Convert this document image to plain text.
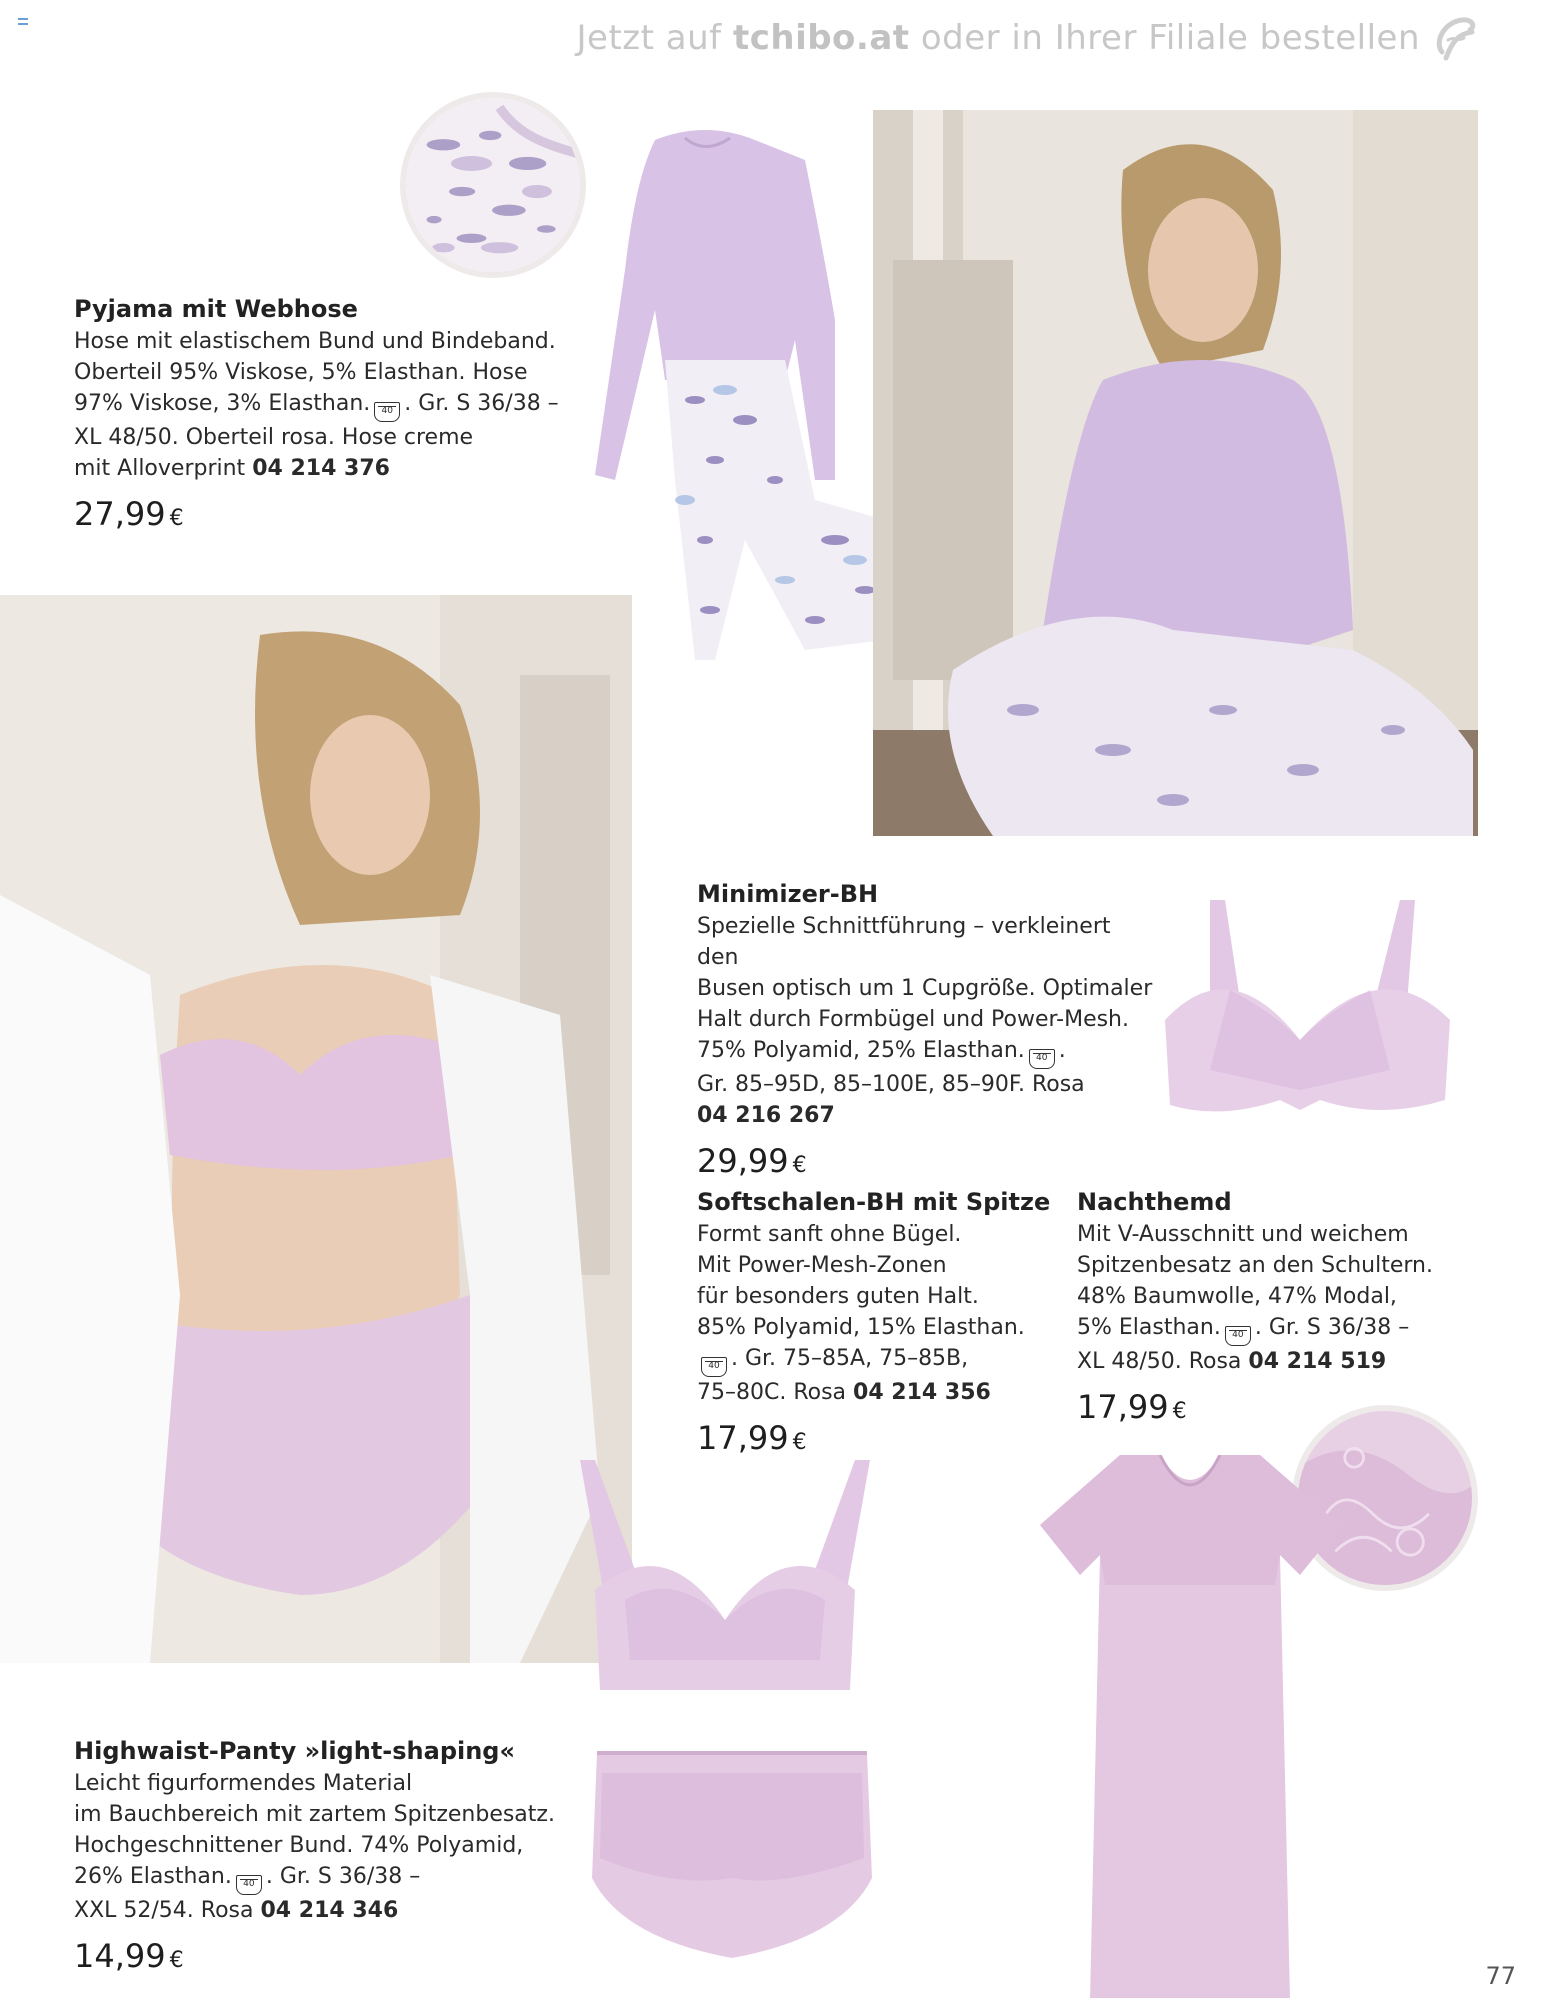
Jetzt auf tchibo.at oder in Ihrer Filiale bestellen
Pyjama mit Webhose

Hose mit elastischem Bund und Bindeband.
Oberteil 95% Viskose, 5% Elasthan. Hose
97% Viskose, 3% Elasthan. 40 . Gr. S 36/38 –
XL 48/50. Oberteil rosa. Hose creme
mit Alloverprint 04 214 376

27,99 €
Minimizer-BH

Spezielle Schnittführung – verkleinert den
Busen optisch um 1 Cupgröße. Optimaler
Halt durch Formbügel und Power-Mesh.
75% Polyamid, 25% Elasthan. 40 .
Gr. 85–95D, 85–100E, 85–90F. Rosa
04 216 267

29,99 €
Softschalen-BH mit Spitze

Formt sanft ohne Bügel.
Mit Power-Mesh-Zonen
für besonders guten Halt.
85% Polyamid, 15% Elasthan.
40 . Gr. 75–85A, 75–85B,
75–80C. Rosa 04 214 356

17,99 €
Nachthemd

Mit V-Ausschnitt und weichem
Spitzenbesatz an den Schultern.
48% Baumwolle, 47% Modal,
5% Elasthan. 40 . Gr. S 36/38 –
XL 48/50. Rosa 04 214 519

17,99 €
Highwaist-Panty »light-shaping«

Leicht figurformendes Material
im Bauchbereich mit zartem Spitzenbesatz.
Hochgeschnittener Bund. 74% Polyamid,
26% Elasthan. 40 . Gr. S 36/38 –
XXL 52/54. Rosa 04 214 346

14,99 €
77
